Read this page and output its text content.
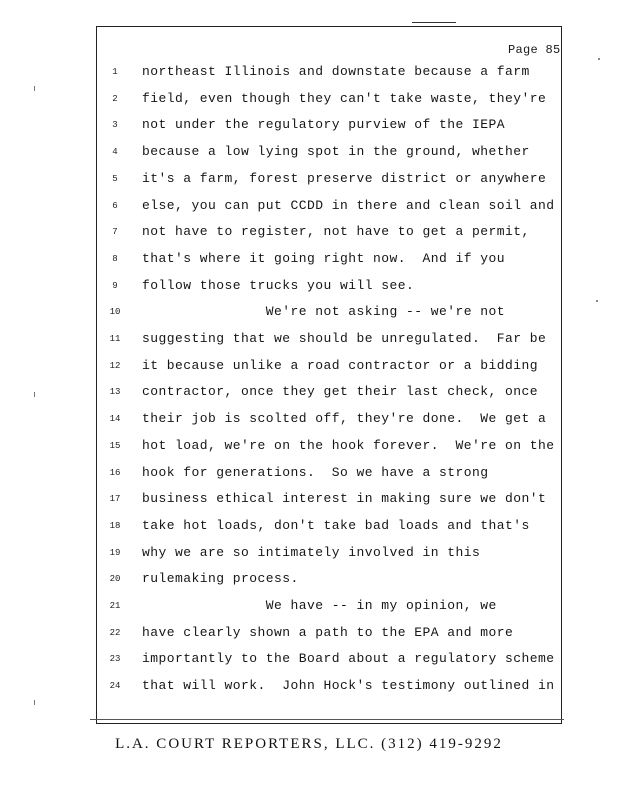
Page 85
1	northeast Illinois and downstate because a farm
2	field, even though they can't take waste, they're
3	not under the regulatory purview of the IEPA
4	because a low lying spot in the ground, whether
5	it's a farm, forest preserve district or anywhere
6	else, you can put CCDD in there and clean soil and
7	not have to register, not have to get a permit,
8	that's where it going right now.  And if you
9	follow those trucks you will see.
10 We're not asking -- we're not
11 suggesting that we should be unregulated.  Far be
12 it because unlike a road contractor or a bidding
13 contractor, once they get their last check, once
14 their job is scolted off, they're done.  We get a
15 hot load, we're on the hook forever.  We're on the
16 hook for generations.  So we have a strong
17 business ethical interest in making sure we don't
18 take hot loads, don't take bad loads and that's
19 why we are so intimately involved in this
20 rulemaking process.
21 We have -- in my opinion, we
22 have clearly shown a path to the EPA and more
23 importantly to the Board about a regulatory scheme
24 that will work.  John Hock's testimony outlined in
L.A. COURT REPORTERS, LLC. (312) 419-9292
